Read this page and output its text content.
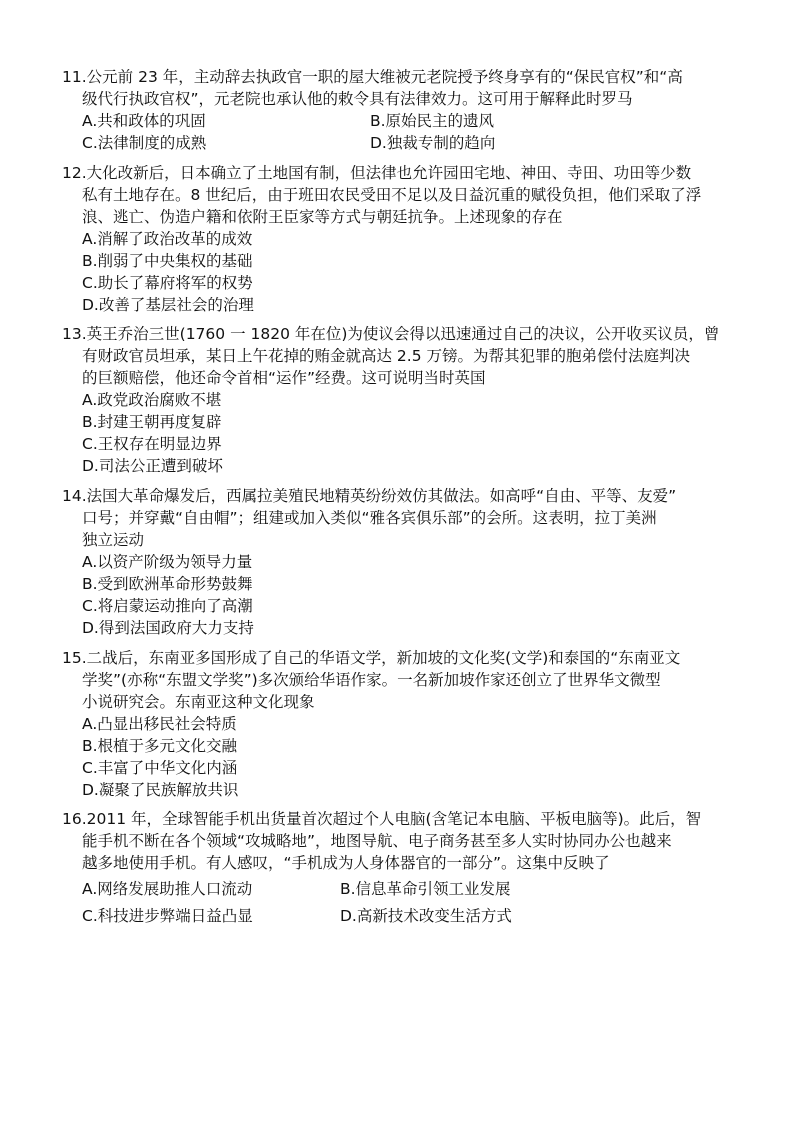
11.公元前 23 年，主动辞去执政官一职的屋大维被元老院授予终身享有的“保民官权”和“高
级代行执政官权”，元老院也承认他的敕令具有法律效力。这可用于解释此时罗马
A.共和政体的巩固	B.原始民主的遗风
C.法律制度的成熟	D.独裁专制的趋向
12.大化改新后，日本确立了土地国有制，但法律也允许园田宅地、神田、寺田、功田等少数
私有土地存在。8 世纪后，由于班田农民受田不足以及日益沉重的赋役负担，他们采取了浮
浪、逃亡、伪造户籍和依附王臣家等方式与朝廷抗争。上述现象的存在
A.消解了政治改革的成效
B.削弱了中央集权的基础
C.助长了幕府将军的权势
D.改善了基层社会的治理
13.英王乔治三世(1760 一 1820 年在位)为使议会得以迅速通过自己的决议，公开收买议员，曾
有财政官员坦承，某日上午花掉的贿金就高达 2.5 万镑。为帮其犯罪的胞弟偿付法庭判决
的巨额赔偿，他还命令首相“运作”经费。这可说明当时英国
A.政党政治腐败不堪
B.封建王朝再度复辟
C.王权存在明显边界
D.司法公正遭到破坏
14.法国大革命爆发后，西属拉美殖民地精英纷纷效仿其做法。如高呼“自由、平等、友爱”
口号；并穿戴“自由帽”；组建或加入类似“雅各宾俱乐部”的会所。这表明，拉丁美洲
独立运动
A.以资产阶级为领导力量
B.受到欧洲革命形势鼓舞
C.将启蒙运动推向了高潮
D.得到法国政府大力支持
15.二战后，东南亚多国形成了自己的华语文学，新加坡的文化奖(文学)和泰国的“东南亚文
学奖”(亦称“东盟文学奖”)多次颁给华语作家。一名新加坡作家还创立了世界华文微型
小说研究会。东南亚这种文化现象
A.凸显出移民社会特质
B.根植于多元文化交融
C.丰富了中华文化内涵
D.凝聚了民族解放共识
16.2011 年，全球智能手机出货量首次超过个人电脑(含笔记本电脑、平板电脑等)。此后，智
能手机不断在各个领域“攻城略地”，地图导航、电子商务甚至多人实时协同办公也越来
越多地使用手机。有人感叹，“手机成为人身体器官的一部分”。这集中反映了
A.网络发展助推人口流动	B.信息革命引领工业发展
C.科技进步弊端日益凸显	D.高新技术改变生活方式
